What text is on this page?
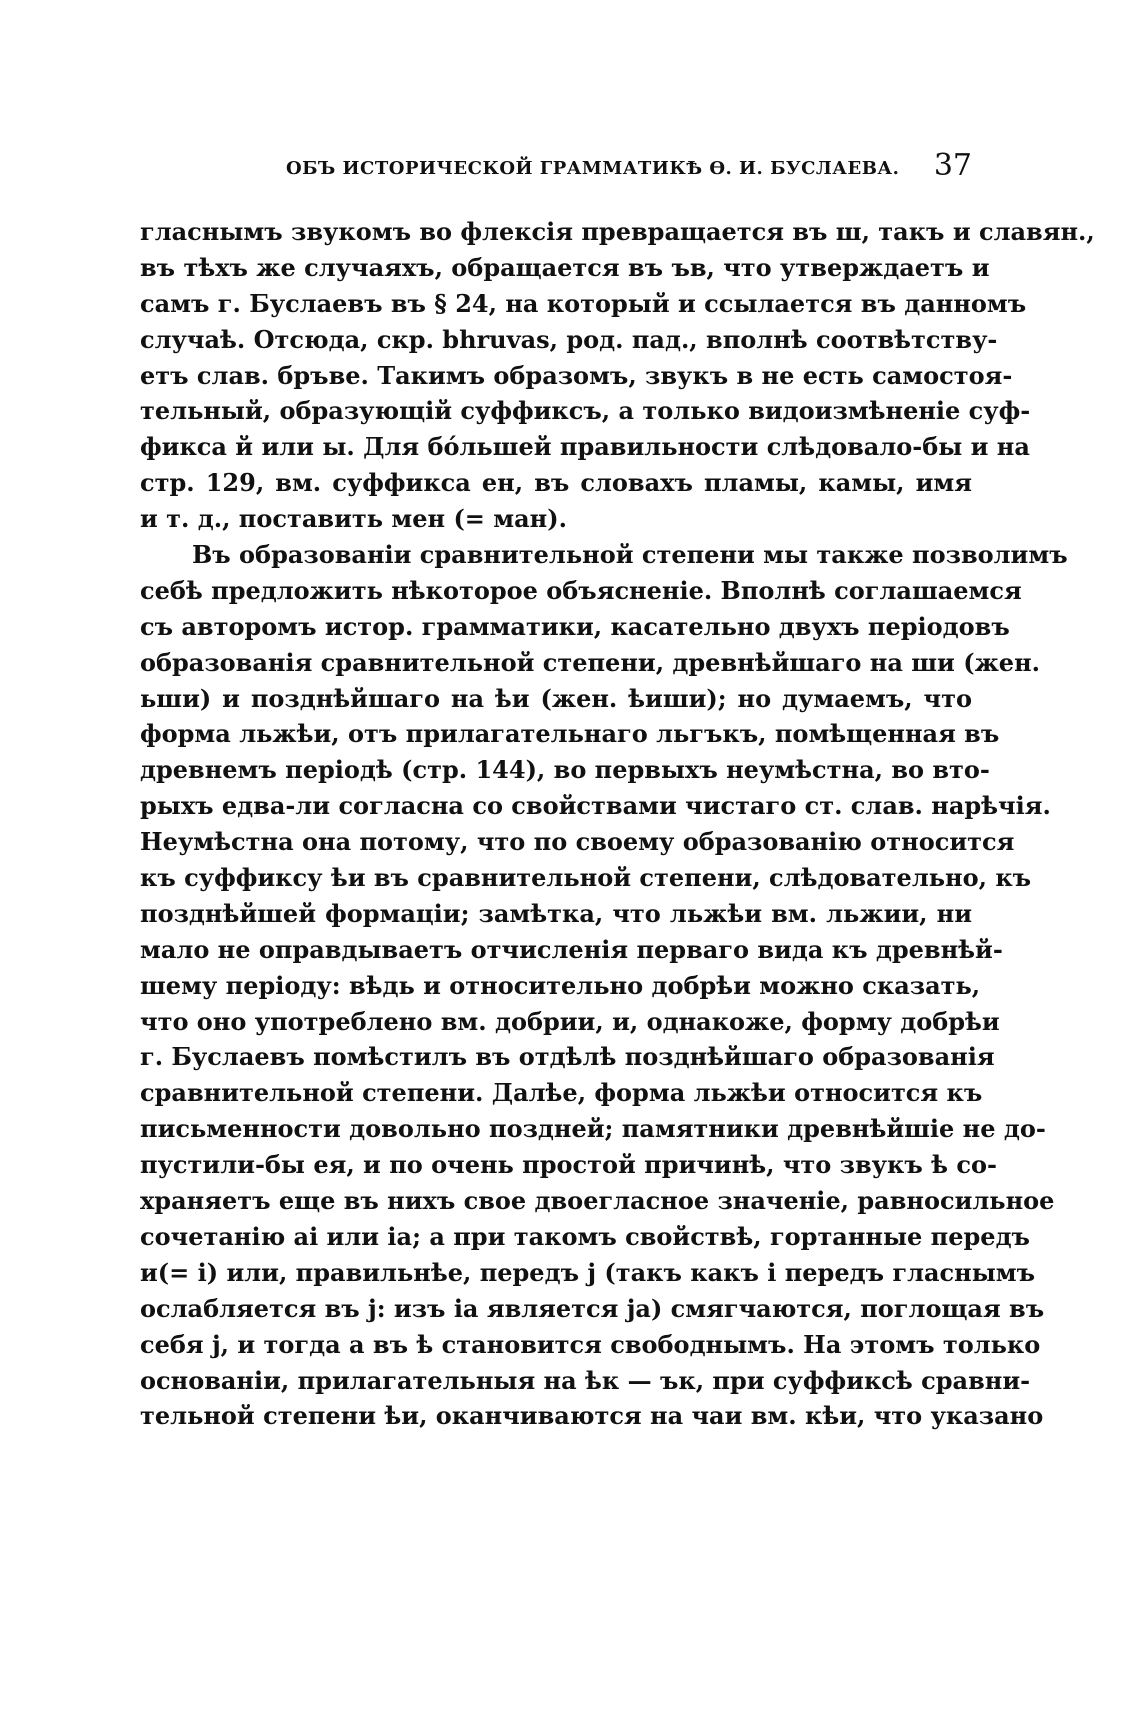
ОБЪ ИСТОРИЧЕСКОЙ ГРАММАТИКѢ Ѳ. И. БУСЛАЕВА. 37
гласнымъ звукомъ во флексія превращается въ ш, такъ и славян.,
въ тѣхъ же случаяхъ, обращается въ ъв, что утверждаетъ и
самъ г. Буслаевъ въ § 24, на который и ссылается въ данномъ
случаѣ. Отсюда, скр. bhruvas, род. пад., вполнѣ соотвѣтству-
етъ слав. бръве. Такимъ образомъ, звукъ в не есть самостоя-
тельный, образующій суффиксъ, а только видоизмѣненіе суф-
фикса й или ы. Для бóльшей правильности слѣдовало-бы и на
стр. 129, вм. суффикса ен, въ словахъ пламы, камы, имя
и т. д., поставить мен (= ман).
Въ образованіи сравнительной степени мы также позволимъ
себѣ предложить нѣкоторое объясненіе. Вполнѣ соглашаемся
съ авторомъ истор. грамматики, касательно двухъ періодовъ
образованія сравнительной степени, древнѣйшаго на ши (жен.
ьши) и позднѣйшаго на ѣи (жен. ѣиши); но думаемъ, что
форма льжѣи, отъ прилагательнаго льгъкъ, помѣщенная въ
древнемъ періодѣ (стр. 144), во первыхъ неумѣстна, во вто-
рыхъ едва-ли согласна со свойствами чистаго ст. слав. нарѣчія.
Неумѣстна она потому, что по своему образованію относится
къ суффиксу ѣи въ сравнительной степени, слѣдовательно, къ
позднѣйшей формаціи; замѣтка, что льжѣи вм. льжии, ни
мало не оправдываетъ отчисленія перваго вида къ древнѣй-
шему періоду: вѣдь и относительно добрѣи можно сказать,
что оно употреблено вм. добрии, и, однакоже, форму добрѣи
г. Буслаевъ помѣстилъ въ отдѣлѣ позднѣйшаго образованія
сравнительной степени. Далѣе, форма льжѣи относится къ
письменности довольно поздней; памятники древнѣйшіе не до-
пустили-бы ея, и по очень простой причинѣ, что звукъ ѣ со-
храняетъ еще въ нихъ свое двоегласное значеніе, равносильное
сочетанію ai или ia; а при такомъ свойствѣ, гортанные передъ
и(= i) или, правильнѣе, передъ j (такъ какъ i передъ гласнымъ
ослабляется въ j: изъ ia является ja) смягчаются, поглощая въ
себя j, и тогда a въ ѣ становится свободнымъ. На этомъ только
основаніи, прилагательныя на ѣк — ък, при суффиксѣ сравни-
тельной степени ѣи, оканчиваются на чаи вм. кѣи, что указано
